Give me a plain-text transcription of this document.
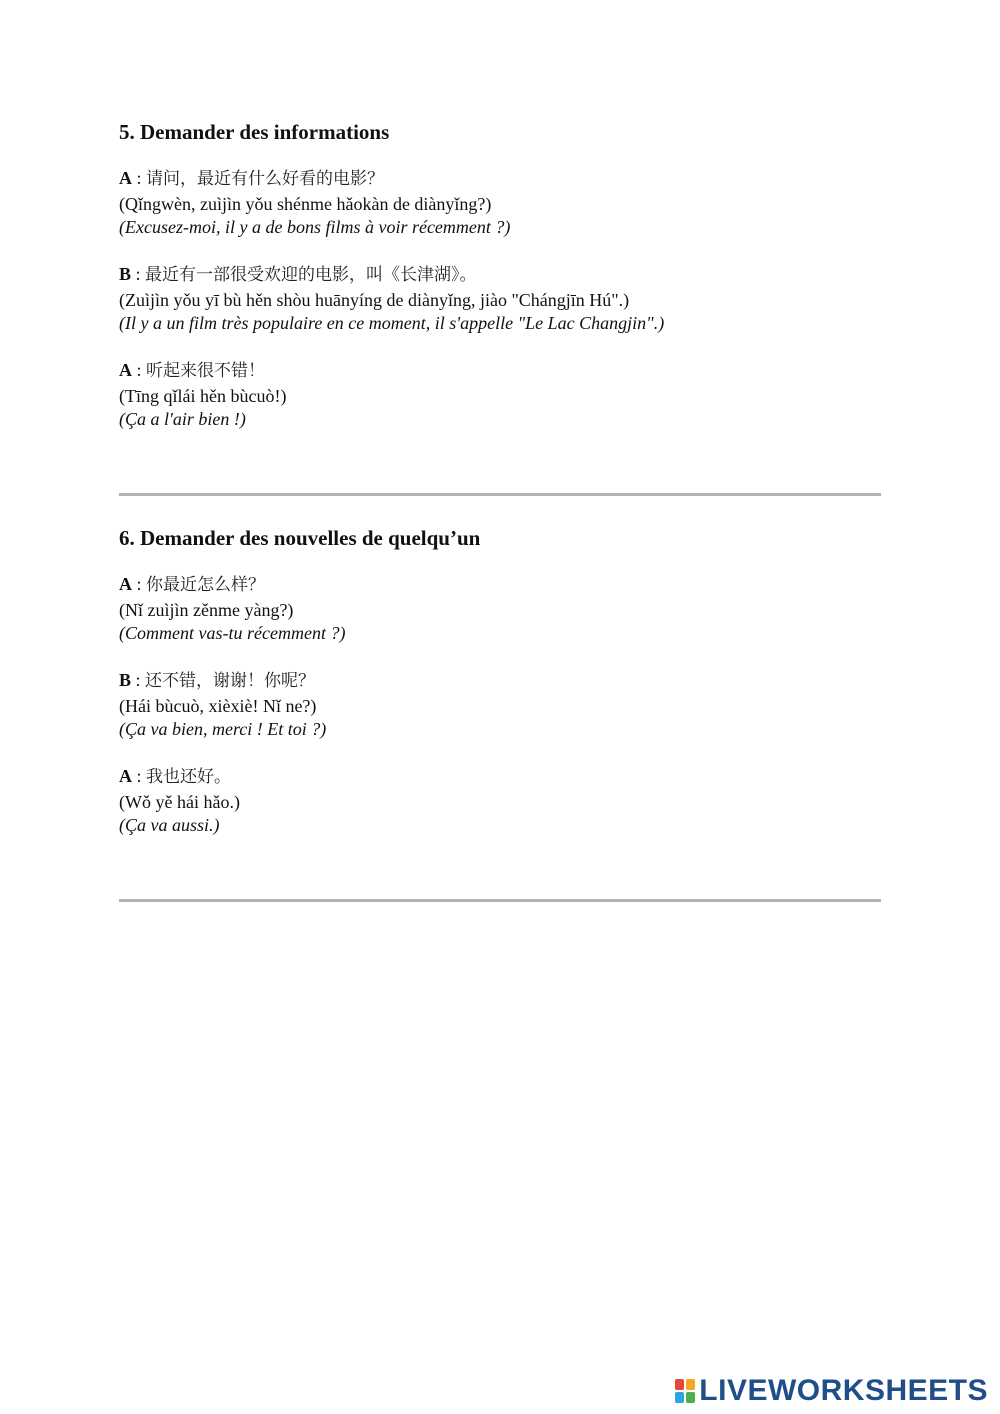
5. Demander des informations
A : 请问，最近有什么好看的电影？
(Qǐngwèn, zuìjìn yǒu shénme hǎokàn de diànyǐng?)
(Excusez-moi, il y a de bons films à voir récemment ?)
B : 最近有一部很受欢迎的电影，叫《长津湖》。
(Zuìjìn yǒu yī bù hěn shòu huānyíng de diànyǐng, jiào "Chángjīn Hú".)
(Il y a un film très populaire en ce moment, il s'appelle "Le Lac Changjin".)
A : 听起来很不错！
(Tīng qǐlái hěn bùcuò!)
(Ça a l'air bien !)
6. Demander des nouvelles de quelqu’un
A : 你最近怎么样？
(Nǐ zuìjìn zěnme yàng?)
(Comment vas-tu récemment ?)
B : 还不错，谢谢！你呢？
(Hái bùcuò, xièxiè! Nǐ ne?)
(Ça va bien, merci ! Et toi ?)
A : 我也还好。
(Wǒ yě hái hǎo.)
(Ça va aussi.)
LIVEWORKSHEETS
